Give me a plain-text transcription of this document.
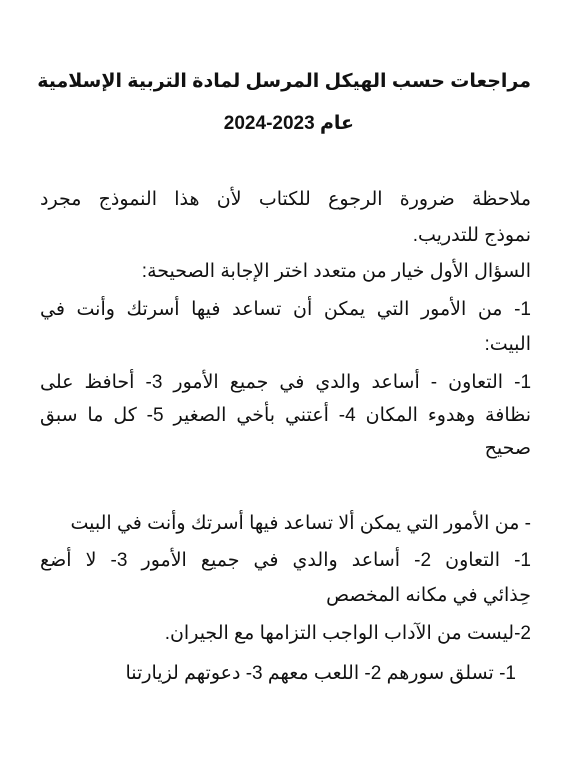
مراجعات حسب الهيكل المرسل لمادة التربية الإسلامية
عام 2023-2024
ملاحظة ضرورة الرجوع للكتاب لأن هذا النموذج مجرد
نموذج للتدريب.
السؤال الأول خيار من متعدد اختر الإجابة الصحيحة:
1- من الأمور التي يمكن أن تساعد فيها أسرتك وأنت في
البيت:
1- التعاون - أساعد والدي في جميع الأمور 3- أحافظ على
نظافة وهدوء المكان 4- أعتني بأخي الصغير 5- كل ما سبق
صحيح
- من الأمور التي يمكن ألا تساعد فيها أسرتك وأنت في البيت
1- التعاون 2- أساعد والدي في جميع الأمور 3- لا أضع
حِذائي في مكانه المخصص
2-ليست من الآداب الواجب التزامها مع الجيران.
1- تسلق سورهم 2- اللعب معهم 3- دعوتهم لزيارتنا
